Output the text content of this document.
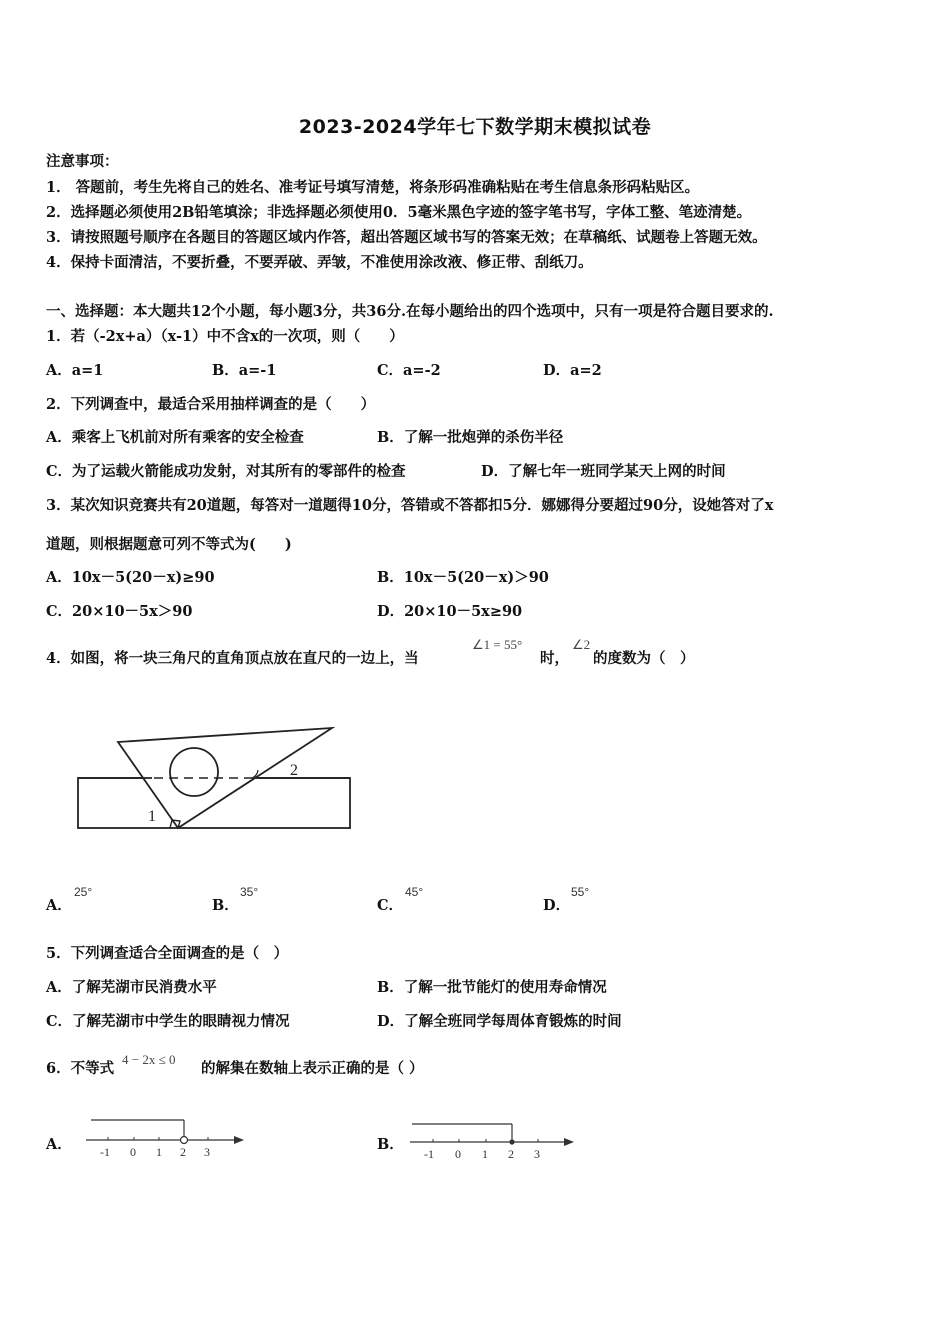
2023-2024学年七下数学期末模拟试卷
注意事项：
1． 答题前，考生先将自己的姓名、准考证号填写清楚，将条形码准确粘贴在考生信息条形码粘贴区。
2．选择题必须使用2B铅笔填涂；非选择题必须使用0．5毫米黑色字迹的签字笔书写，字体工整、笔迹清楚。
3．请按照题号顺序在各题目的答题区域内作答，超出答题区域书写的答案无效；在草稿纸、试题卷上答题无效。
4．保持卡面清洁，不要折叠，不要弄破、弄皱，不准使用涂改液、修正带、刮纸刀。
一、选择题：本大题共12个小题，每小题3分，共36分.在每小题给出的四个选项中，只有一项是符合题目要求的.
1．若（-2x+a）（x-1）中不含x的一次项，则（　　）
A．a=1	B．a=-1	C．a=-2	D．a=2
2．下列调查中，最适合采用抽样调查的是（　　）
A．乘客上飞机前对所有乘客的安全检查	B．了解一批炮弹的杀伤半径
C．为了运载火箭能成功发射，对其所有的零部件的检查	D．了解七年一班同学某天上网的时间
3．某次知识竞赛共有20道题，每答对一道题得10分，答错或不答都扣5分．娜娜得分要超过90分，设她答对了x
道题，则根据题意可列不等式为(　　)
A．10x－5(20－x)≥90	B．10x－5(20－x)＞90
C．20×10－5x＞90	D．20×10－5x≥90
4．如图，将一块三角尺的直角顶点放在直尺的一边上，当
∠1 = 55°
时，
∠2
的度数为（　）
1
2
A．
25°
B．
35°
C．
45°
D．
55°
5．下列调查适合全面调查的是（　）
A．了解芜湖市民消费水平	B．了解一批节能灯的使用寿命情况
C．了解芜湖市中学生的眼睛视力情况	D．了解全班同学每周体育锻炼的时间
6．不等式
4 − 2x ≤ 0
的解集在数轴上表示正确的是（ ）
A． -1 0 1 2 3	B．
-1 0 1 2 3
